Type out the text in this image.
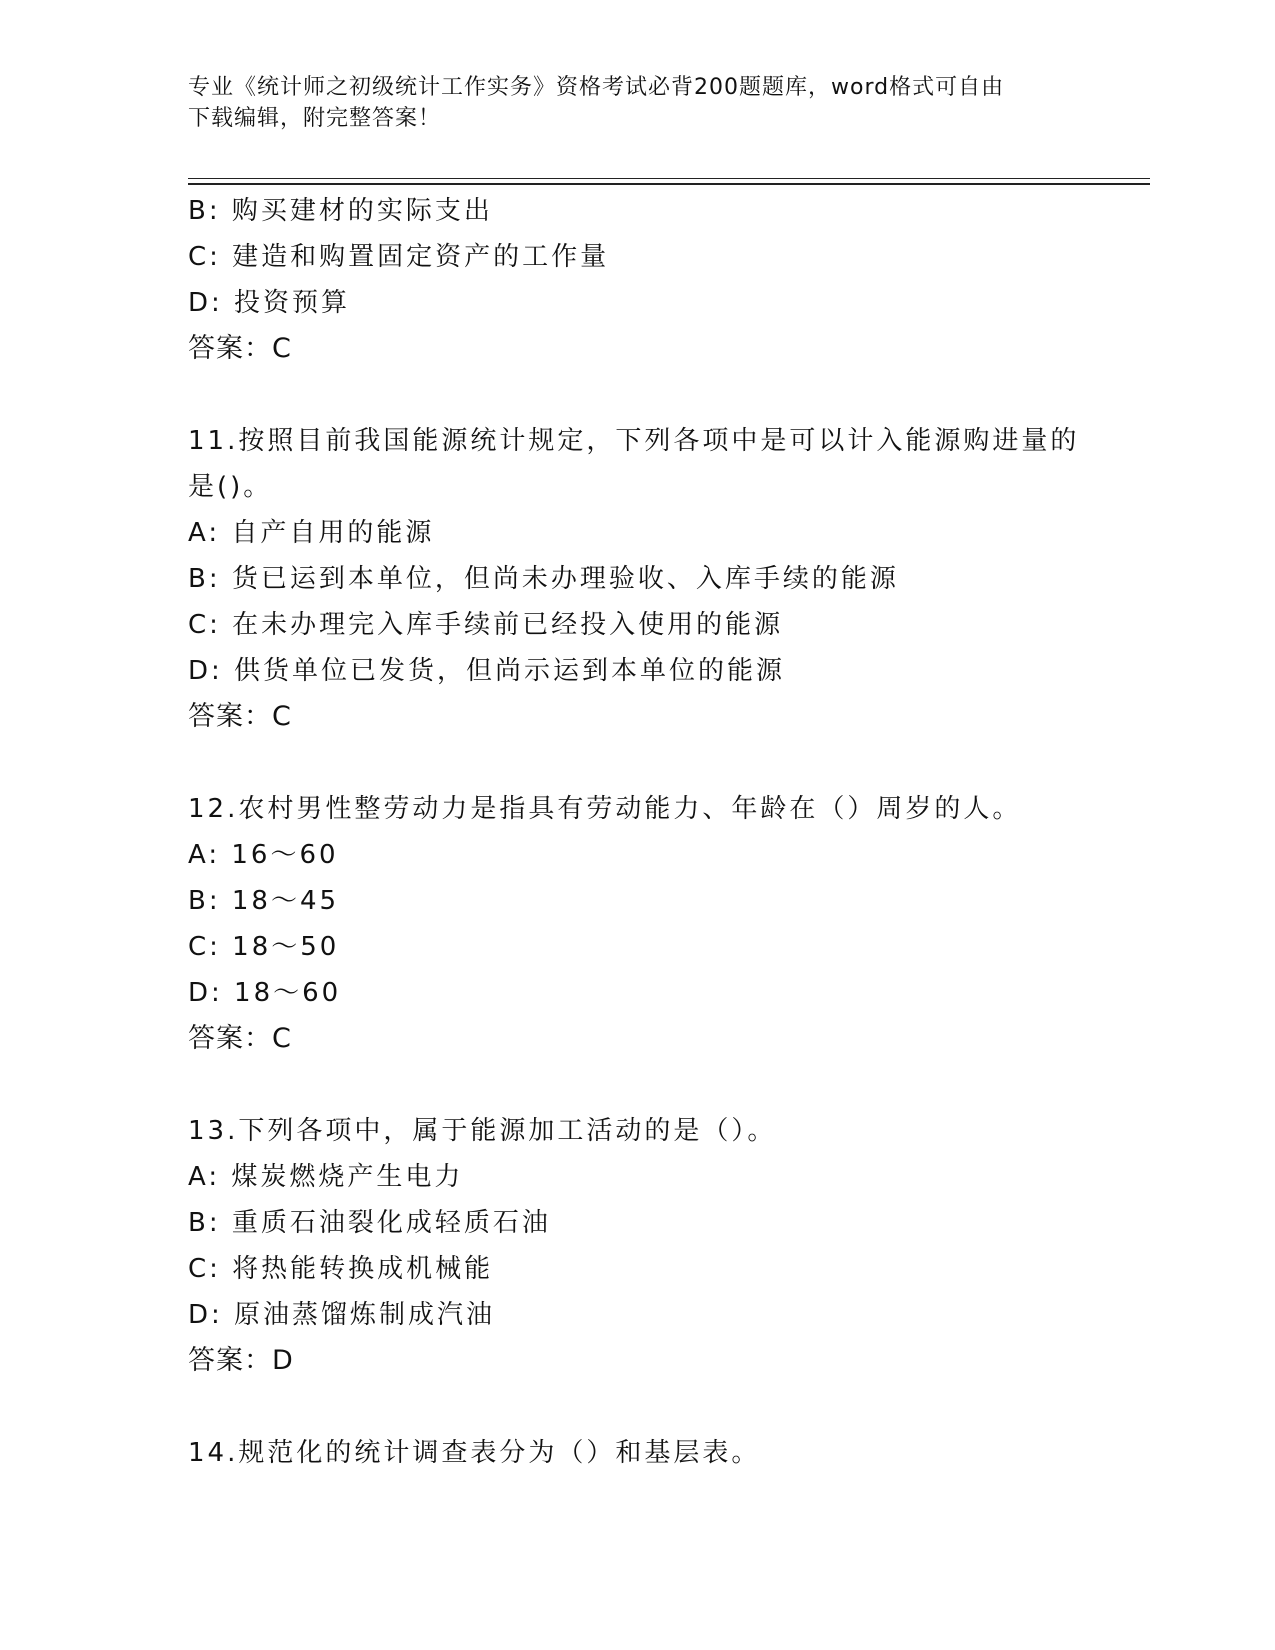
专业《统计师之初级统计工作实务》资格考试必背200题题库，word格式可自由
下载编辑，附完整答案！
B: 购买建材的实际支出
C: 建造和购置固定资产的工作量
D: 投资预算
答案：C
11.按照目前我国能源统计规定，下列各项中是可以计入能源购进量的
是()。
A: 自产自用的能源
B: 货已运到本单位，但尚未办理验收、入库手续的能源
C: 在未办理完入库手续前已经投入使用的能源
D: 供货单位已发货，但尚示运到本单位的能源
答案：C
12.农村男性整劳动力是指具有劳动能力、年龄在（）周岁的人。
A: 16～60
B: 18～45
C: 18～50
D: 18～60
答案：C
13.下列各项中，属于能源加工活动的是（）。
A: 煤炭燃烧产生电力
B: 重质石油裂化成轻质石油
C: 将热能转换成机械能
D: 原油蒸馏炼制成汽油
答案：D
14.规范化的统计调查表分为（）和基层表。
